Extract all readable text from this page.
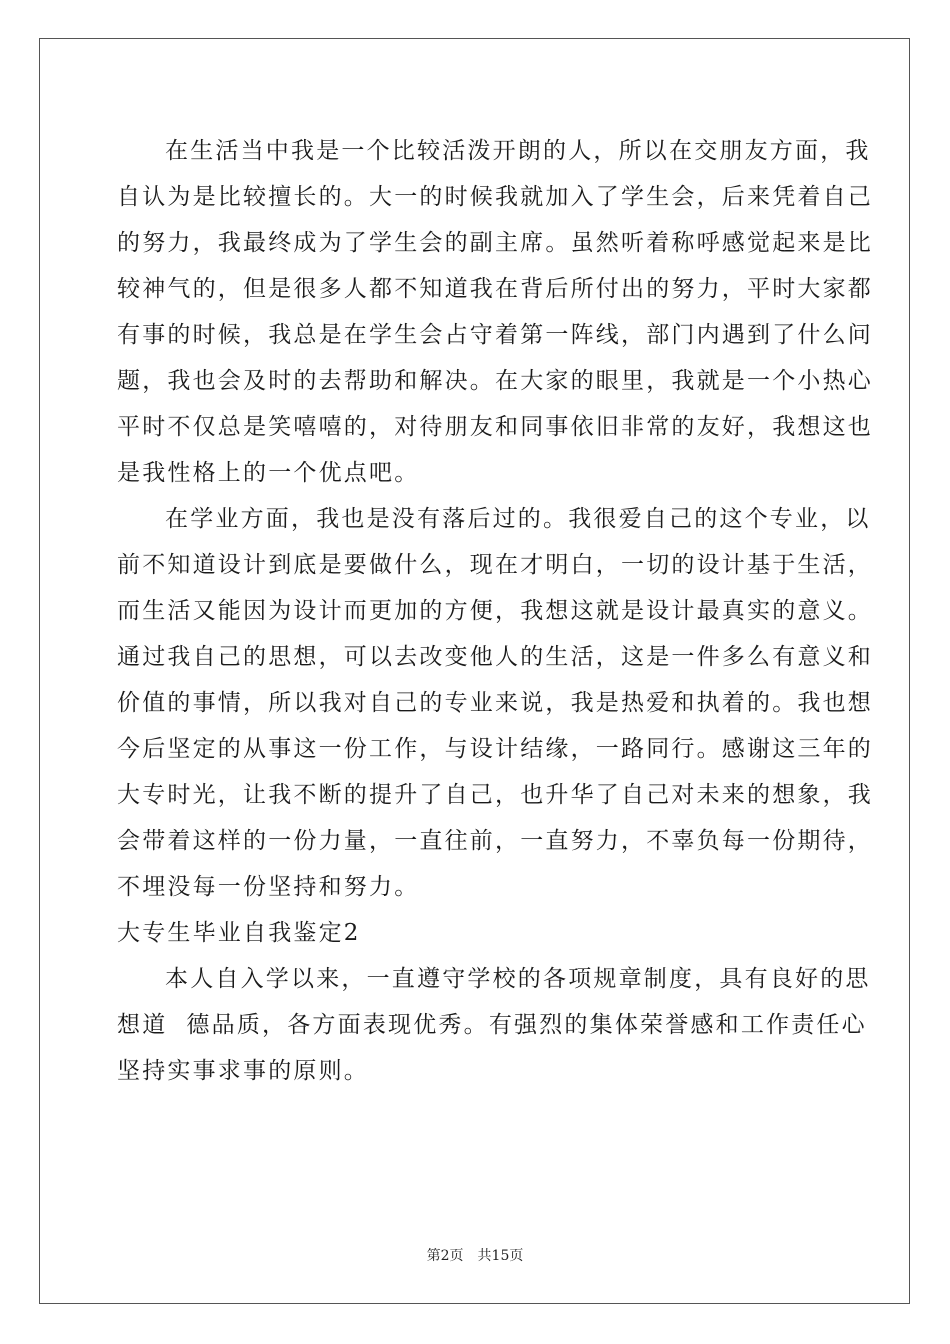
在生活当中我是一个比较活泼开朗的人，所以在交朋友方面，我
自认为是比较擅长的。大一的时候我就加入了学生会，后来凭着自己
的努力，我最终成为了学生会的副主席。虽然听着称呼感觉起来是比
较神气的，但是很多人都不知道我在背后所付出的努力，平时大家都
有事的时候，我总是在学生会占守着第一阵线，部门内遇到了什么问
题，我也会及时的去帮助和解决。在大家的眼里，我就是一个小热心
平时不仅总是笑嘻嘻的，对待朋友和同事依旧非常的友好，我想这也
是我性格上的一个优点吧。
在学业方面，我也是没有落后过的。我很爱自己的这个专业，以
前不知道设计到底是要做什么，现在才明白，一切的设计基于生活，
而生活又能因为设计而更加的方便，我想这就是设计最真实的意义。
通过我自己的思想，可以去改变他人的生活，这是一件多么有意义和
价值的事情，所以我对自己的专业来说，我是热爱和执着的。我也想
今后坚定的从事这一份工作，与设计结缘，一路同行。感谢这三年的
大专时光，让我不断的提升了自己，也升华了自己对未来的想象，我
会带着这样的一份力量，一直往前，一直努力，不辜负每一份期待，
不埋没每一份坚持和努力。
大专生毕业自我鉴定2
本人自入学以来，一直遵守学校的各项规章制度，具有良好的思
想道  德品质，各方面表现优秀。有强烈的集体荣誉感和工作责任心
坚持实事求事的原则。
第2页 共15页
